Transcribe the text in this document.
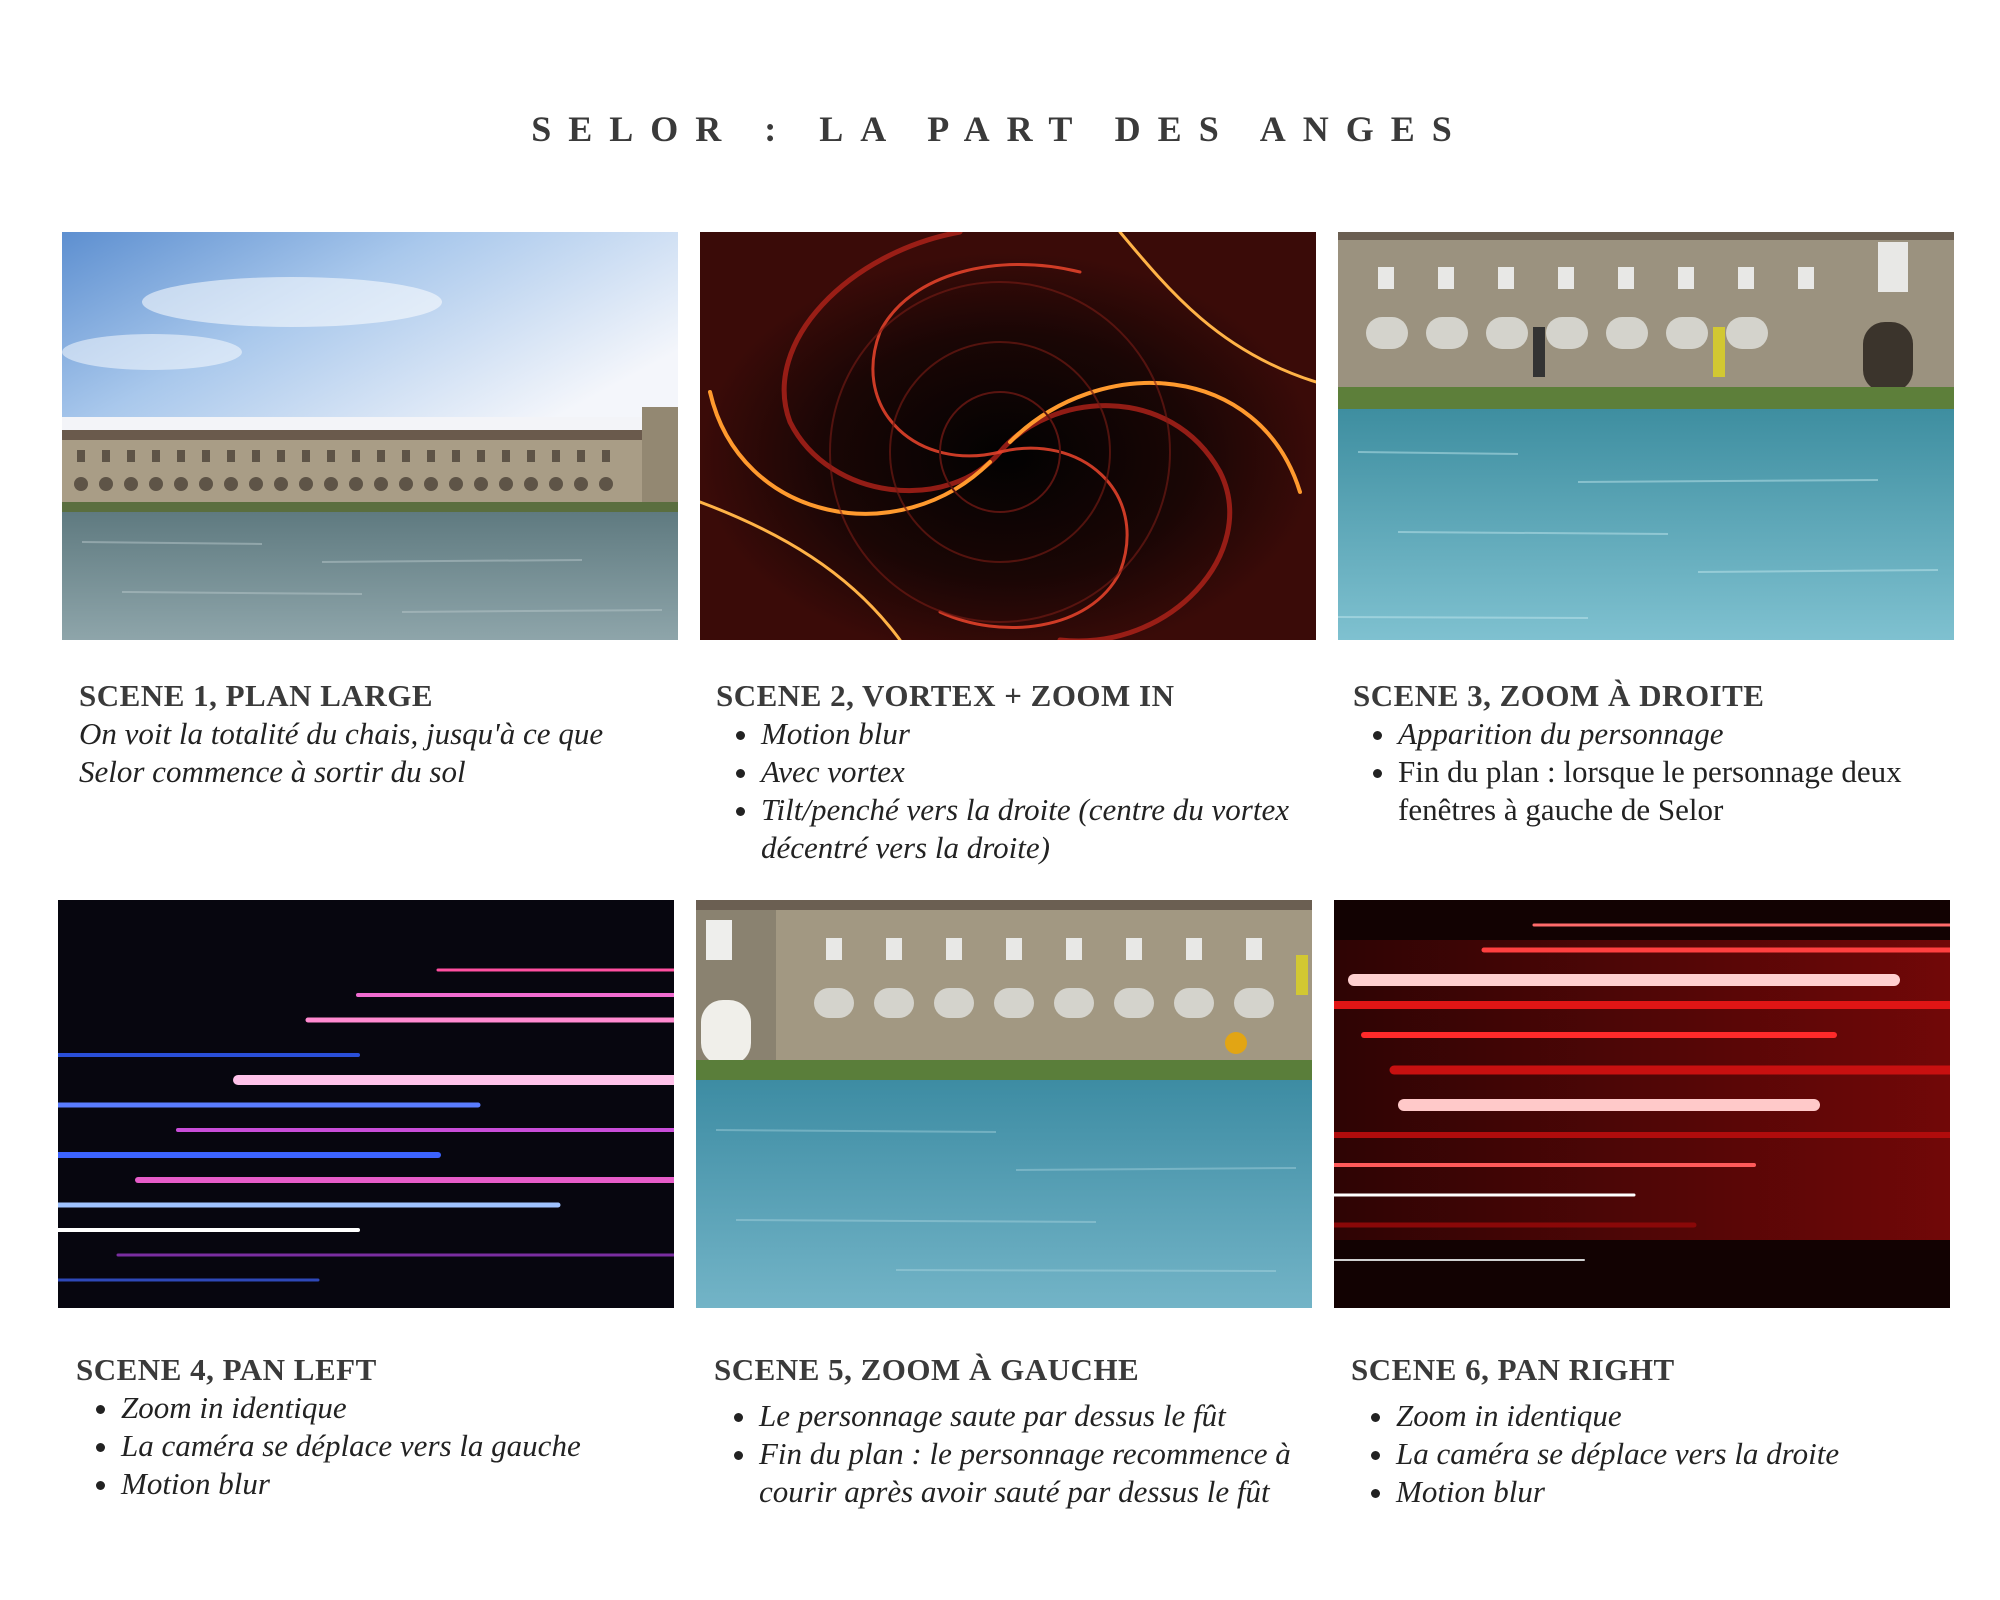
SELOR : LA PART DES ANGES
SCENE 1, PLAN LARGE

On voit la totalité du chais, jusqu'à ce que

Selor commence à sortir du sol

SCENE 2, VORTEX + ZOOM IN
• Motion blur
• Avec vortex
• Tilt/penché vers la droite (centre du vortex décentré vers la droite)
SCENE 3, ZOOM À DROITE
• Apparition du personnage
• Fin du plan : lorsque le personnage deux fenêtres à gauche de Selor
SCENE 4, PAN LEFT
• Zoom in identique
• La caméra se déplace vers la gauche
• Motion blur
SCENE 5, ZOOM À GAUCHE
• Le personnage saute par dessus le fût
• Fin du plan : le personnage recommence à courir après avoir sauté par dessus le fût
SCENE 6, PAN RIGHT
• Zoom in identique
• La caméra se déplace vers la droite
• Motion blur
